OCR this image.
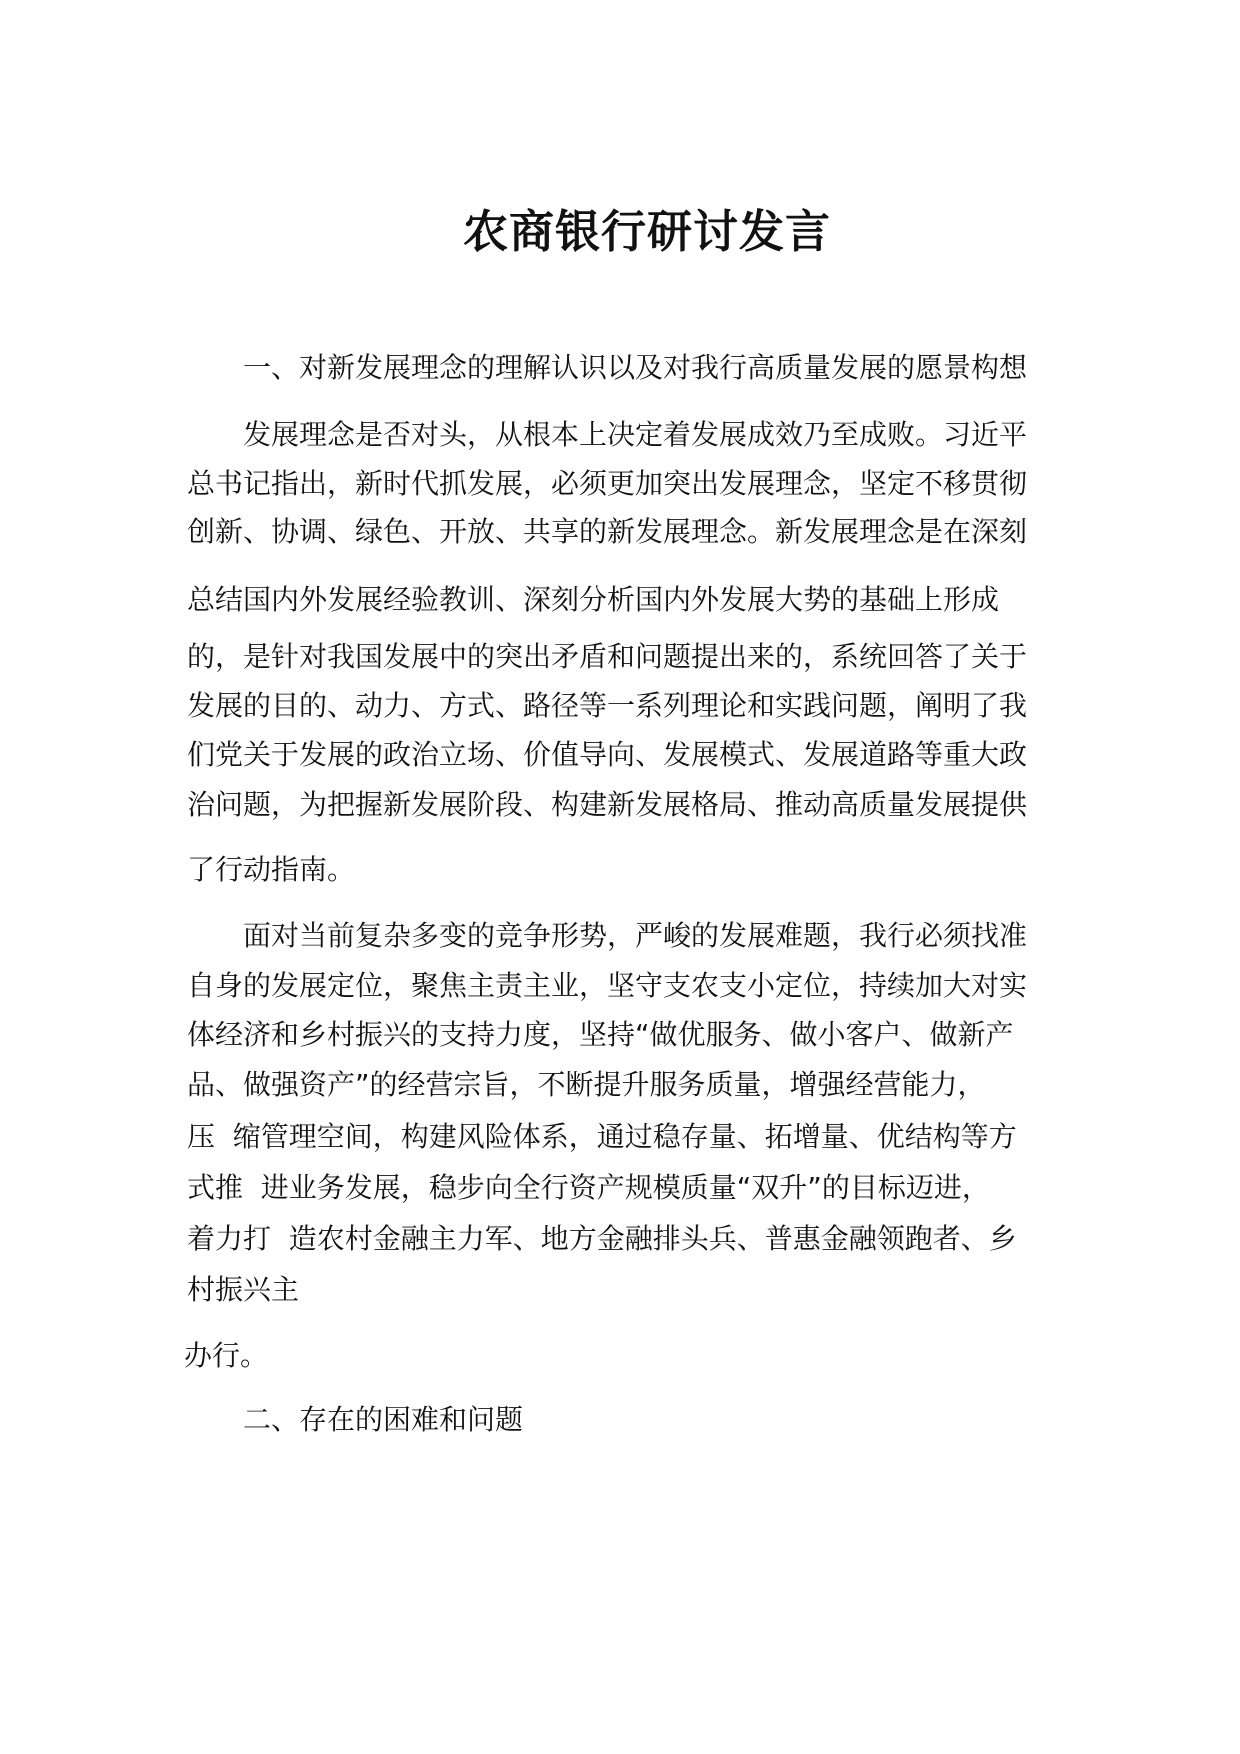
农商银行研讨发言

　　一、对新发展理念的理解认识以及对我行高质量发展的愿景构想

　　发展理念是否对头，从根本上决定着发展成效乃至成败。习近平

总书记指出，新时代抓发展，必须更加突出发展理念，坚定不移贯彻

创新、协调、绿色、开放、共享的新发展理念。新发展理念是在深刻

总结国内外发展经验教训、深刻分析国内外发展大势的基础上形成

的，是针对我国发展中的突出矛盾和问题提出来的，系统回答了关于

发展的目的、动力、方式、路径等一系列理论和实践问题，阐明了我

们党关于发展的政治立场、价值导向、发展模式、发展道路等重大政

治问题，为把握新发展阶段、构建新发展格局、推动高质量发展提供

了行动指南。

　　面对当前复杂多变的竞争形势，严峻的发展难题，我行必须找准

自身的发展定位，聚焦主责主业，坚守支农支小定位，持续加大对实

体经济和乡村振兴的支持力度，坚持“做优服务、做小客户、做新产

品、做强资产”的经营宗旨，不断提升服务质量，增强经营能力，

压  缩管理空间，构建风险体系，通过稳存量、拓增量、优结构等方

式推  进业务发展，稳步向全行资产规模质量“双升”的目标迈进，

着力打  造农村金融主力军、地方金融排头兵、普惠金融领跑者、乡

村振兴主

办行。

　　二、存在的困难和问题
